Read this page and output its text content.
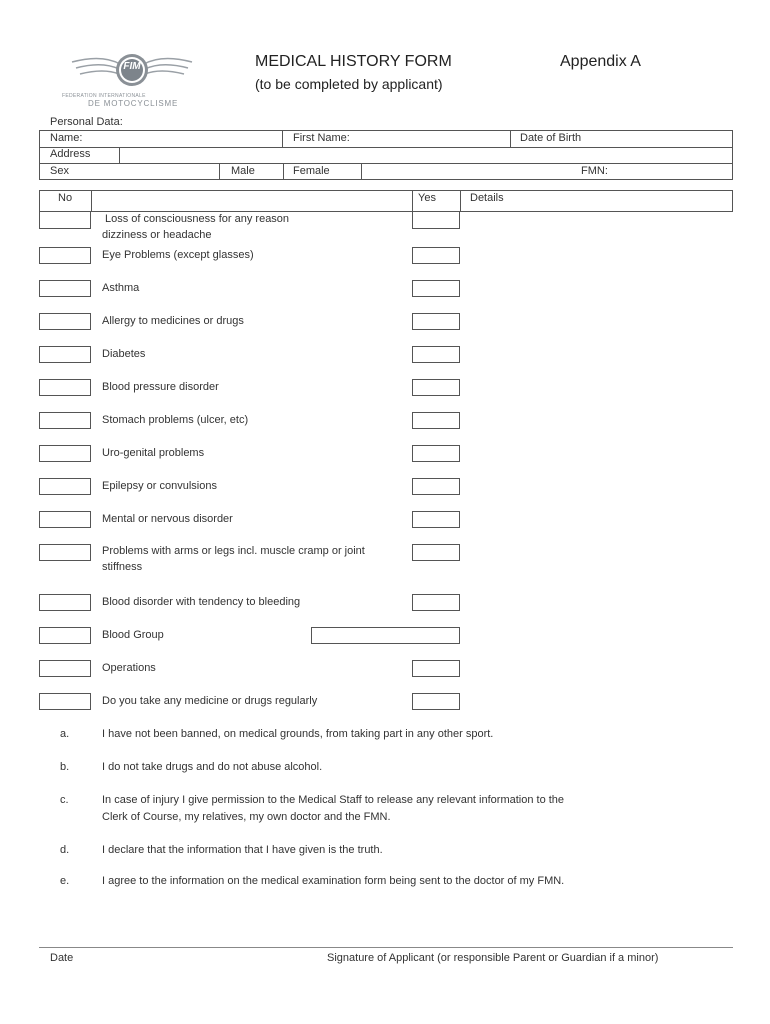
FIM
FEDERATION INTERNATIONALE
DE MOTOCYCLISME
MEDICAL HISTORY FORM	Appendix A
(to be completed by applicant)
Personal Data:
Name:	First Name:	Date of Birth
Address
Sex	Male	Female	FMN:
No	Yes	Details
Loss of consciousness for any reason
dizziness or headache
Eye Problems (except glasses)
Asthma
Allergy to medicines or drugs
Diabetes
Blood pressure disorder
Stomach problems (ulcer, etc)
Uro-genital problems
Epilepsy or convulsions
Mental or nervous disorder
Problems with arms or legs incl. muscle cramp or joint
stiffness
Blood disorder with tendency to bleeding
Blood Group
Operations
Do you take any medicine or drugs regularly
a.	I have not been banned, on medical grounds, from taking part in any other sport.
b.	I do not take drugs and do not abuse alcohol.
c.	In case of injury I give permission to the Medical Staff to release any relevant information to the
Clerk of Course, my relatives, my own doctor and the FMN.
d.	I declare that the information that I have given is the truth.
e.	I agree to the information on the medical examination form being sent to the doctor of my FMN.
Date	Signature of Applicant (or responsible Parent or Guardian if a minor)
